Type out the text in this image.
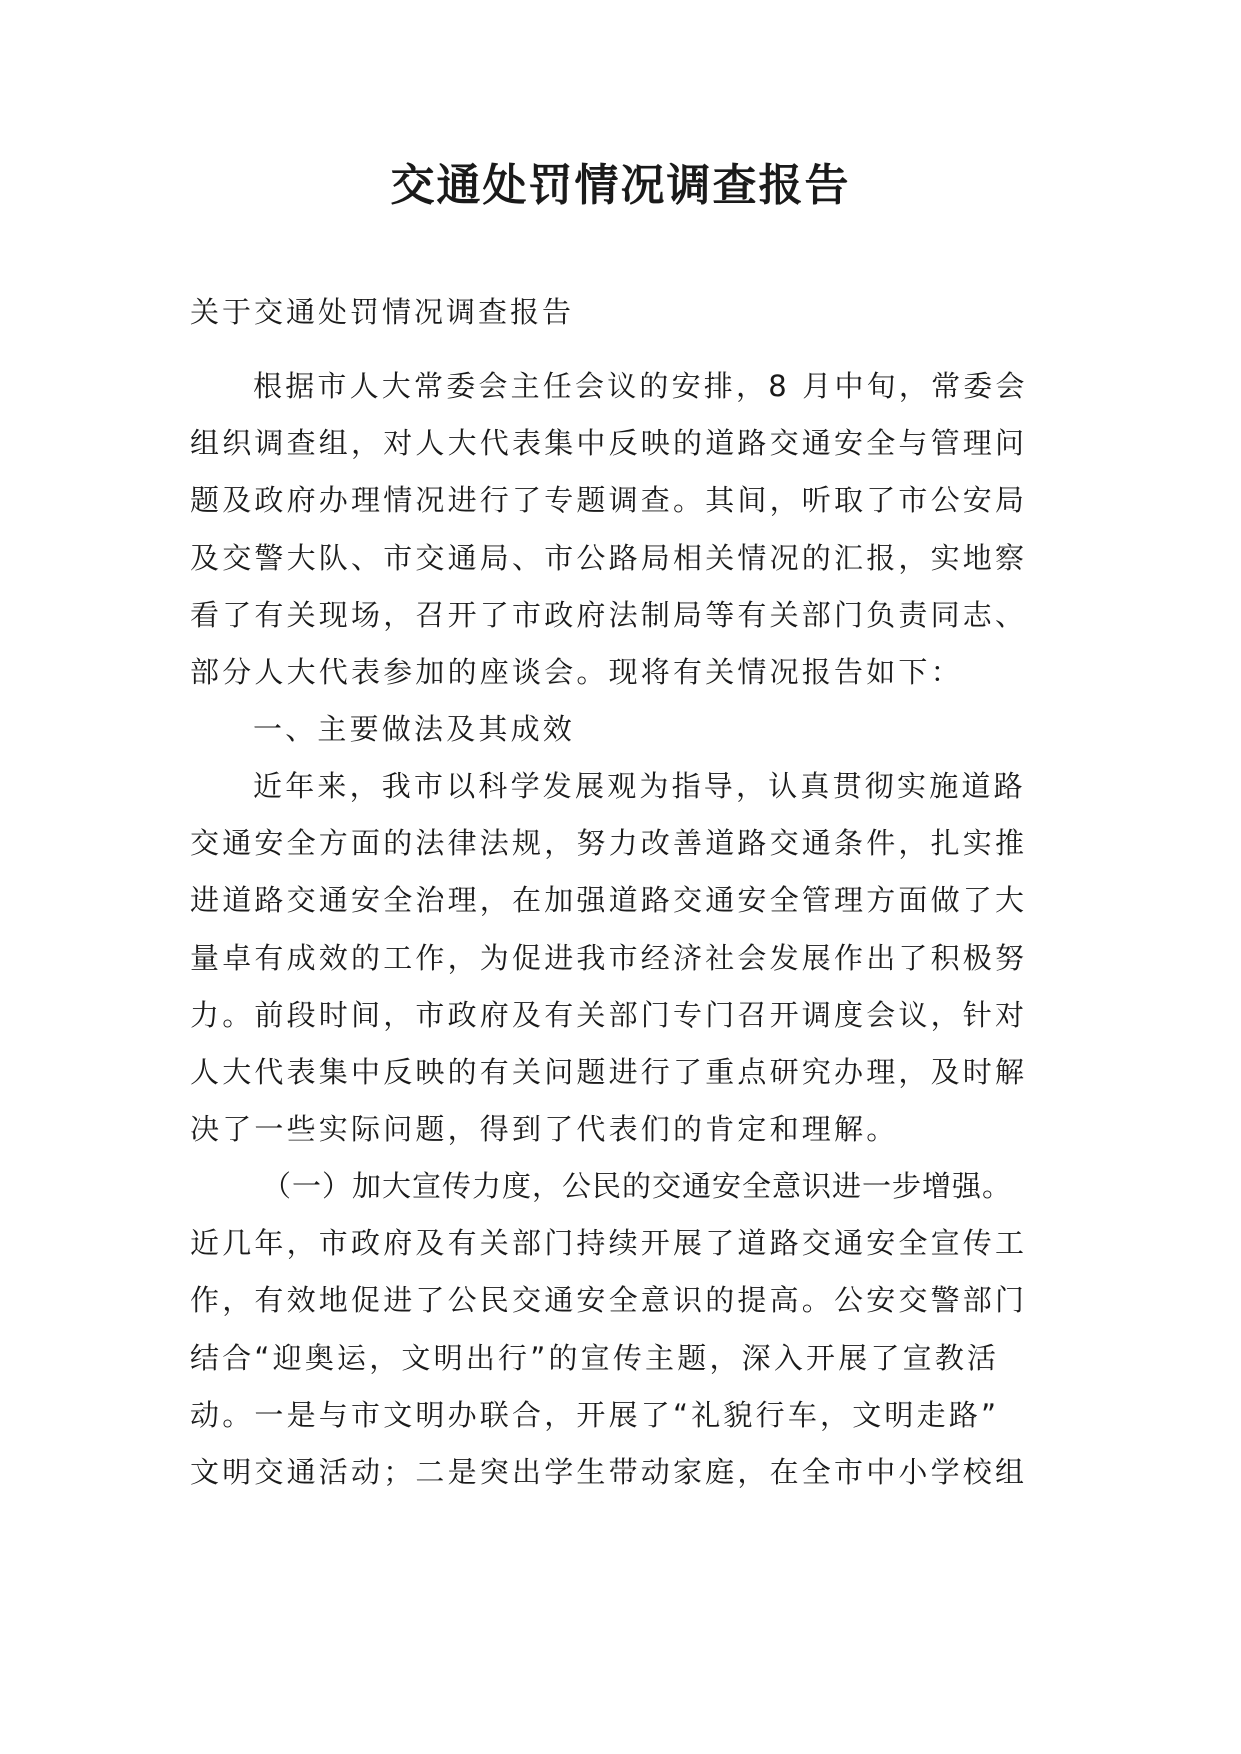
交通处罚情况调查报告

关于交通处罚情况调查报告

根据市人大常委会主任会议的安排，8 月中旬，常委会

组织调查组，对人大代表集中反映的道路交通安全与管理问

题及政府办理情况进行了专题调查。其间，听取了市公安局

及交警大队、市交通局、市公路局相关情况的汇报，实地察

看了有关现场，召开了市政府法制局等有关部门负责同志、

部分人大代表参加的座谈会。现将有关情况报告如下：

一、主要做法及其成效

近年来，我市以科学发展观为指导，认真贯彻实施道路

交通安全方面的法律法规，努力改善道路交通条件，扎实推

进道路交通安全治理，在加强道路交通安全管理方面做了大

量卓有成效的工作，为促进我市经济社会发展作出了积极努

力。前段时间，市政府及有关部门专门召开调度会议，针对

人大代表集中反映的有关问题进行了重点研究办理，及时解

决了一些实际问题，得到了代表们的肯定和理解。

（一）加大宣传力度，公民的交通安全意识进一步增强。

近几年，市政府及有关部门持续开展了道路交通安全宣传工

作，有效地促进了公民交通安全意识的提高。公安交警部门

结合“迎奥运，文明出行”的宣传主题，深入开展了宣教活

动。一是与市文明办联合，开展了“礼貌行车，文明走路”

文明交通活动；二是突出学生带动家庭，在全市中小学校组
